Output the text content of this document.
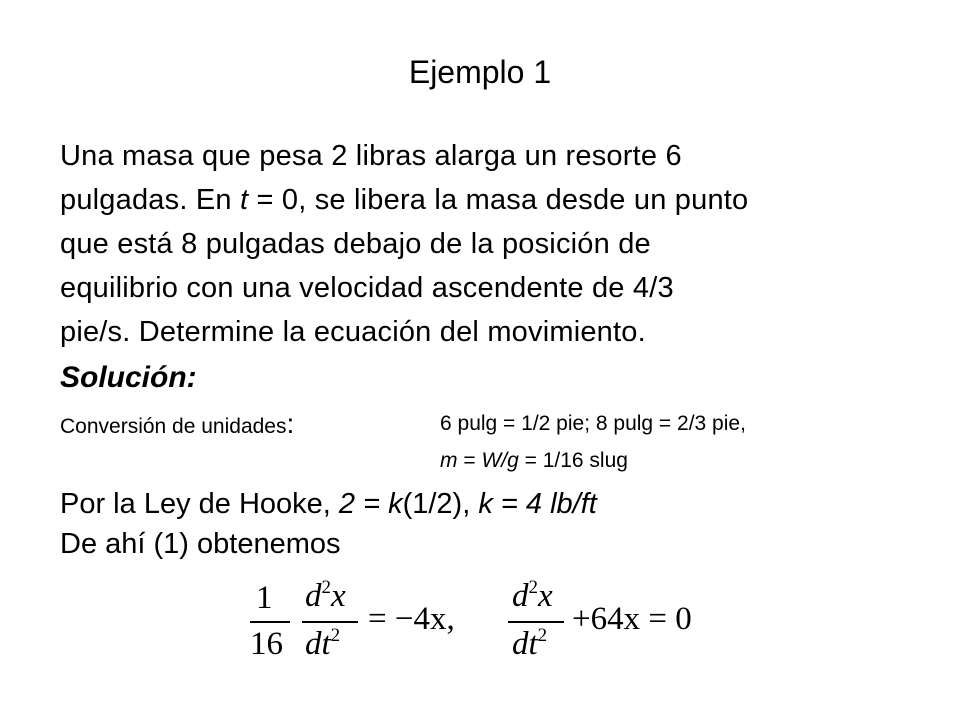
Ejemplo 1
Una masa que pesa 2 libras alarga un resorte 6
pulgadas. En t = 0, se libera la masa desde un punto
que está 8 pulgadas debajo de la posición de
equilibrio con una velocidad ascendente de 4/3
pie/s. Determine la ecuación del movimiento.
Solución:
Conversión de unidades:	6 pulg = 1/2 pie; 8 pulg = 2/3 pie,
m = W/g = 1/16 slug
Por la Ley de Hooke, 2 = k(1/2), k = 4 lb/ft
De ahí (1) obtenemos
1
16
$d^2x$
$dt^2 = -4x$,
$d^2x$
$dt^2 +64x = 0$
